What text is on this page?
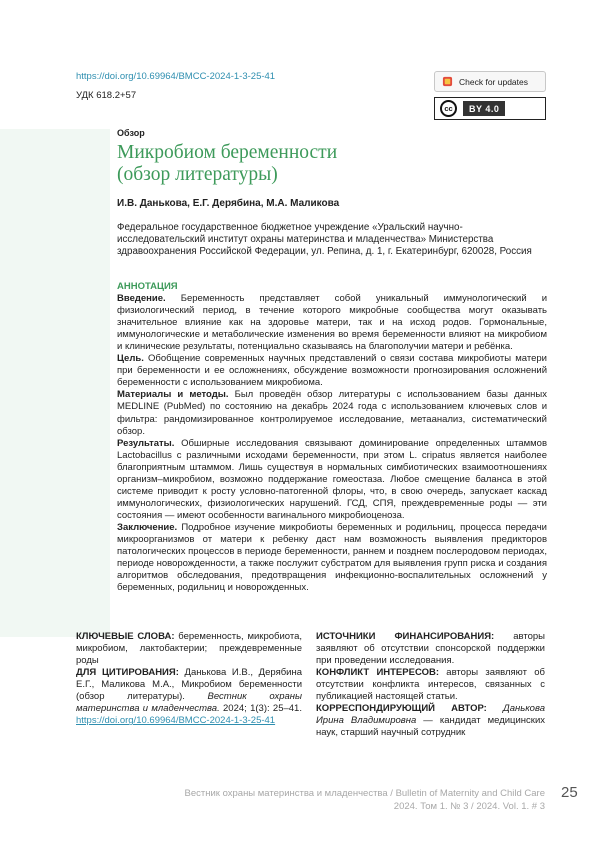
https://doi.org/10.69964/BMCC-2024-1-3-25-41
УДК 618.2+57
Check for updates
cc	BY 4.0
Обзор
Микробиом беременности
(обзор литературы)
И.В. Данькова, Е.Г. Дерябина, М.А. Маликова
Федеральное государственное бюджетное учреждение «Уральский научно-исследовательский институт охраны материнства и младенчества» Министерства здравоохранения Российской Федерации, ул. Репина, д. 1, г. Екатеринбург, 620028, Россия
АННОТАЦИЯ

Введение. Беременность представляет собой уникальный иммунологический и физиологический период, в течение которого микробные сообщества могут оказывать значительное влияние как на здоровье матери, так и на исход родов. Гормональные, иммунологические и метаболические изменения во время беременности влияют на микробиом и клинические результаты, потенциально сказываясь на благополучии матери и ребёнка.

Цель. Обобщение современных научных представлений о связи состава микробиоты матери при беременности и ее осложнениях, обсуждение возможности прогнозирования осложнений беременности с использованием микробиома.

Материалы и методы. Был проведён обзор литературы с использованием базы данных MEDLINE (PubMed) по состоянию на декабрь 2024 года с использованием ключевых слов и фильтра: рандомизированное контролируемое исследование, метаанализ, систематический обзор.

Результаты. Обширные исследования связывают доминирование определенных штаммов Lactobacillus с различными исходами беременности, при этом L. cripatus является наиболее благоприятным штаммом. Лишь существуя в нормальных симбиотических взаимоотношениях организм–микробиом, возможно поддержание гомеостаза. Любое смещение баланса в этой системе приводит к росту условно-патогенной флоры, что, в свою очередь, запускает каскад иммунологических, физиологических нарушений. ГСД, СПЯ, преждевременные роды — эти состояния — имеют особенности вагинального микробиоценоза.

Заключение. Подробное изучение микробиоты беременных и родильниц, процесса передачи микроорганизмов от матери к ребенку даст нам возможность выявления предикторов патологических процессов в периоде беременности, раннем и позднем послеродовом периодах, периоде новорожденности, а также послужит субстратом для выявления групп риска и создания алгоритмов обследования, предотвращения инфекционно-воспалительных осложнений у беременных, родильниц и новорожденных.

КЛЮЧЕВЫЕ СЛОВА: беременность, микробиота, микробиом, лактобактерии; преждевременные роды

ДЛЯ ЦИТИРОВАНИЯ: Данькова И.В., Дерябина Е.Г., Маликова М.А., Микробиом беременности (обзор литературы). Вестник охраны материнства и младенчества. 2024; 1(3): 25–41. https://doi.org/10.69964/BMCC-2024-1-3-25-41

ИСТОЧНИКИ ФИНАНСИРОВАНИЯ: авторы заявляют об отсутствии спонсорской поддержки при проведении исследования.

КОНФЛИКТ ИНТЕРЕСОВ: авторы заявляют об отсутствии конфликта интересов, связанных с публикацией настоящей статьи.

КОРРЕСПОНДИРУЮЩИЙ АВТОР: Данькова Ирина Владимировна — кандидат медицинских наук, старший научный сотрудник

Вестник охраны материнства и младенчества / Bulletin of Maternity and Child Care
2024. Том 1. № 3 / 2024. Vol. 1. # 3
25
